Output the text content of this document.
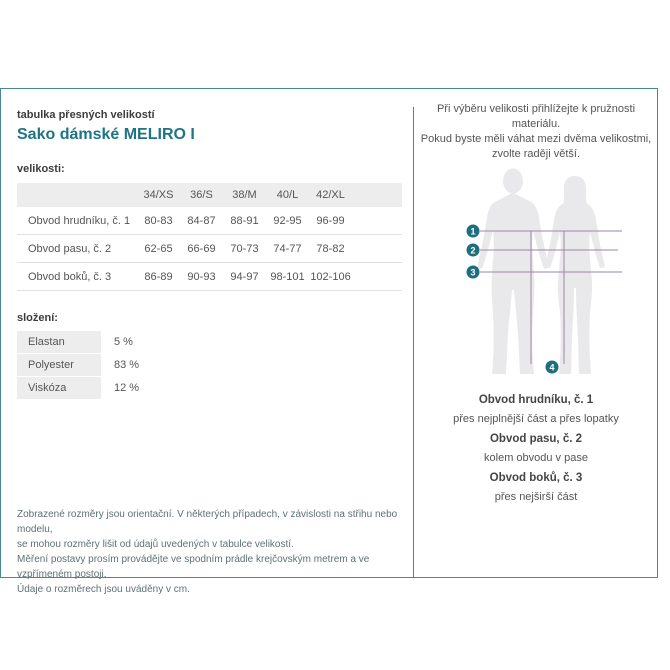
tabulka přesných velikostí
Sako dámské MELIRO I
velikosti:
	34/XS	36/S	38/M	40/L	42/XL	
Obvod hrudníku, č. 1	80-83	84-87	88-91	92-95	96-99	
Obvod pasu, č. 2	62-65	66-69	70-73	74-77	78-82	
Obvod boků, č. 3	86-89	90-93	94-97	98-101	102-106	
složení:
Elastan	5 %
Polyester	83 %
Viskóza	12 %
Zobrazené rozměry jsou orientační. V některých případech, v závislosti na střihu nebo modelu,
se mohou rozměry lišit od údajů uvedených v tabulce velikostí.
Měření postavy prosím provádějte ve spodním prádle krejčovským metrem a ve vzpřímeném postoji.
Údaje o rozměrech jsou uváděny v cm.
Při výběru velikosti přihlížejte k pružnosti materiálu.
Pokud byste měli váhat mezi dvěma velikostmi,
zvolte raději větší.
1
2
3
4
Obvod hrudníku, č. 1
přes nejplnější část a přes lopatky
Obvod pasu, č. 2
kolem obvodu v pase
Obvod boků, č. 3
přes nejširší část
